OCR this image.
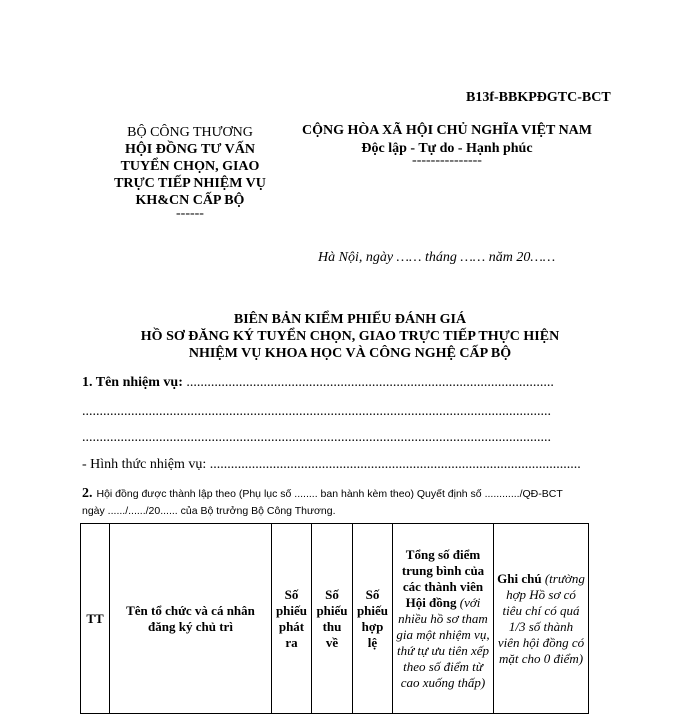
B13f-BBKPĐGTC-BCT
BỘ CÔNG THƯƠNG
HỘI ĐỒNG TƯ VẤN
TUYỂN CHỌN, GIAO
TRỰC TIẾP NHIỆM VỤ
KH&CN CẤP BỘ
------
CỘNG HÒA XÃ HỘI CHỦ NGHĨA VIỆT NAM
Độc lập - Tự do - Hạnh phúc
---------------
Hà Nội, ngày …… tháng …… năm 20……
BIÊN BẢN KIỂM PHIẾU ĐÁNH GIÁ
HỒ SƠ ĐĂNG KÝ TUYỂN CHỌN, GIAO TRỰC TIẾP THỰC HIỆN
NHIỆM VỤ KHOA HỌC VÀ CÔNG NGHỆ CẤP BỘ
1. Tên nhiệm vụ: .........................................................................................................
......................................................................................................................................
......................................................................................................................................
- Hình thức nhiệm vụ: ..........................................................................................................
2. Hội đồng được thành lập theo (Phụ lục số ........ ban hành kèm theo) Quyết định số ............/QĐ-BCT
ngày ....../....../20...... của Bộ trưởng Bộ Công Thương.
TT	Tên tổ chức và cá nhân đăng ký chủ trì	Số phiếu phát ra	Số phiếu thu về	Số phiếu hợp lệ	Tổng số điểm trung bình của các thành viên Hội đồng (với nhiều hồ sơ tham gia một nhiệm vụ, thứ tự ưu tiên xếp theo số điểm từ cao xuống thấp)	Ghi chú (trường hợp Hồ sơ có tiêu chí có quá 1/3 số thành viên hội đồng có mặt cho 0 điểm)
